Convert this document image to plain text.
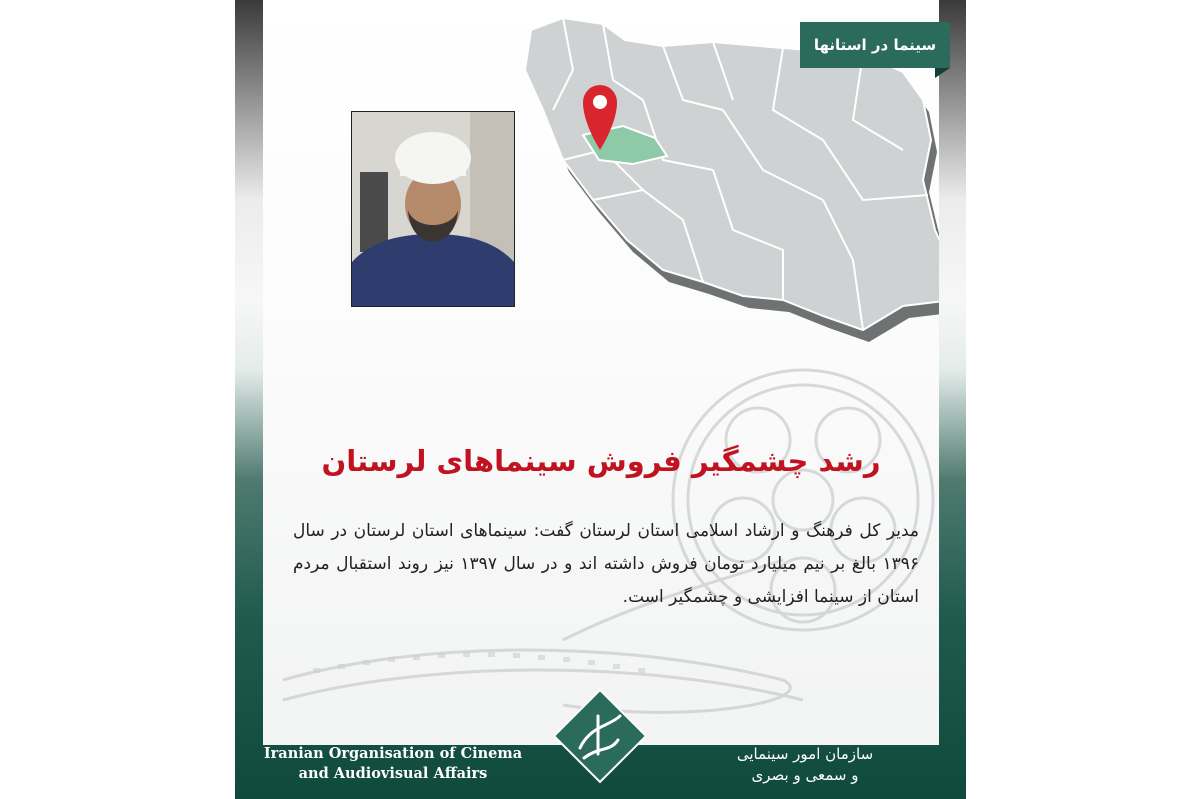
رشد چشمگیر فروش سینماهای لرستان
مدیر کل فرهنگ و ارشاد اسلامی استان لرستان گفت: سینماهای استان لرستان در سال ۱۳۹۶ بالغ بر نیم میلیارد تومان فروش داشته اند و در سال ۱۳۹۷ نیز روند استقبال مردم استان از سینما افزایشی و چشمگیر است.
سینما در استانها
Iranian Organisation of Cinema
and Audiovisual Affairs
سازمان امور سینمایی
و سمعی و بصری
